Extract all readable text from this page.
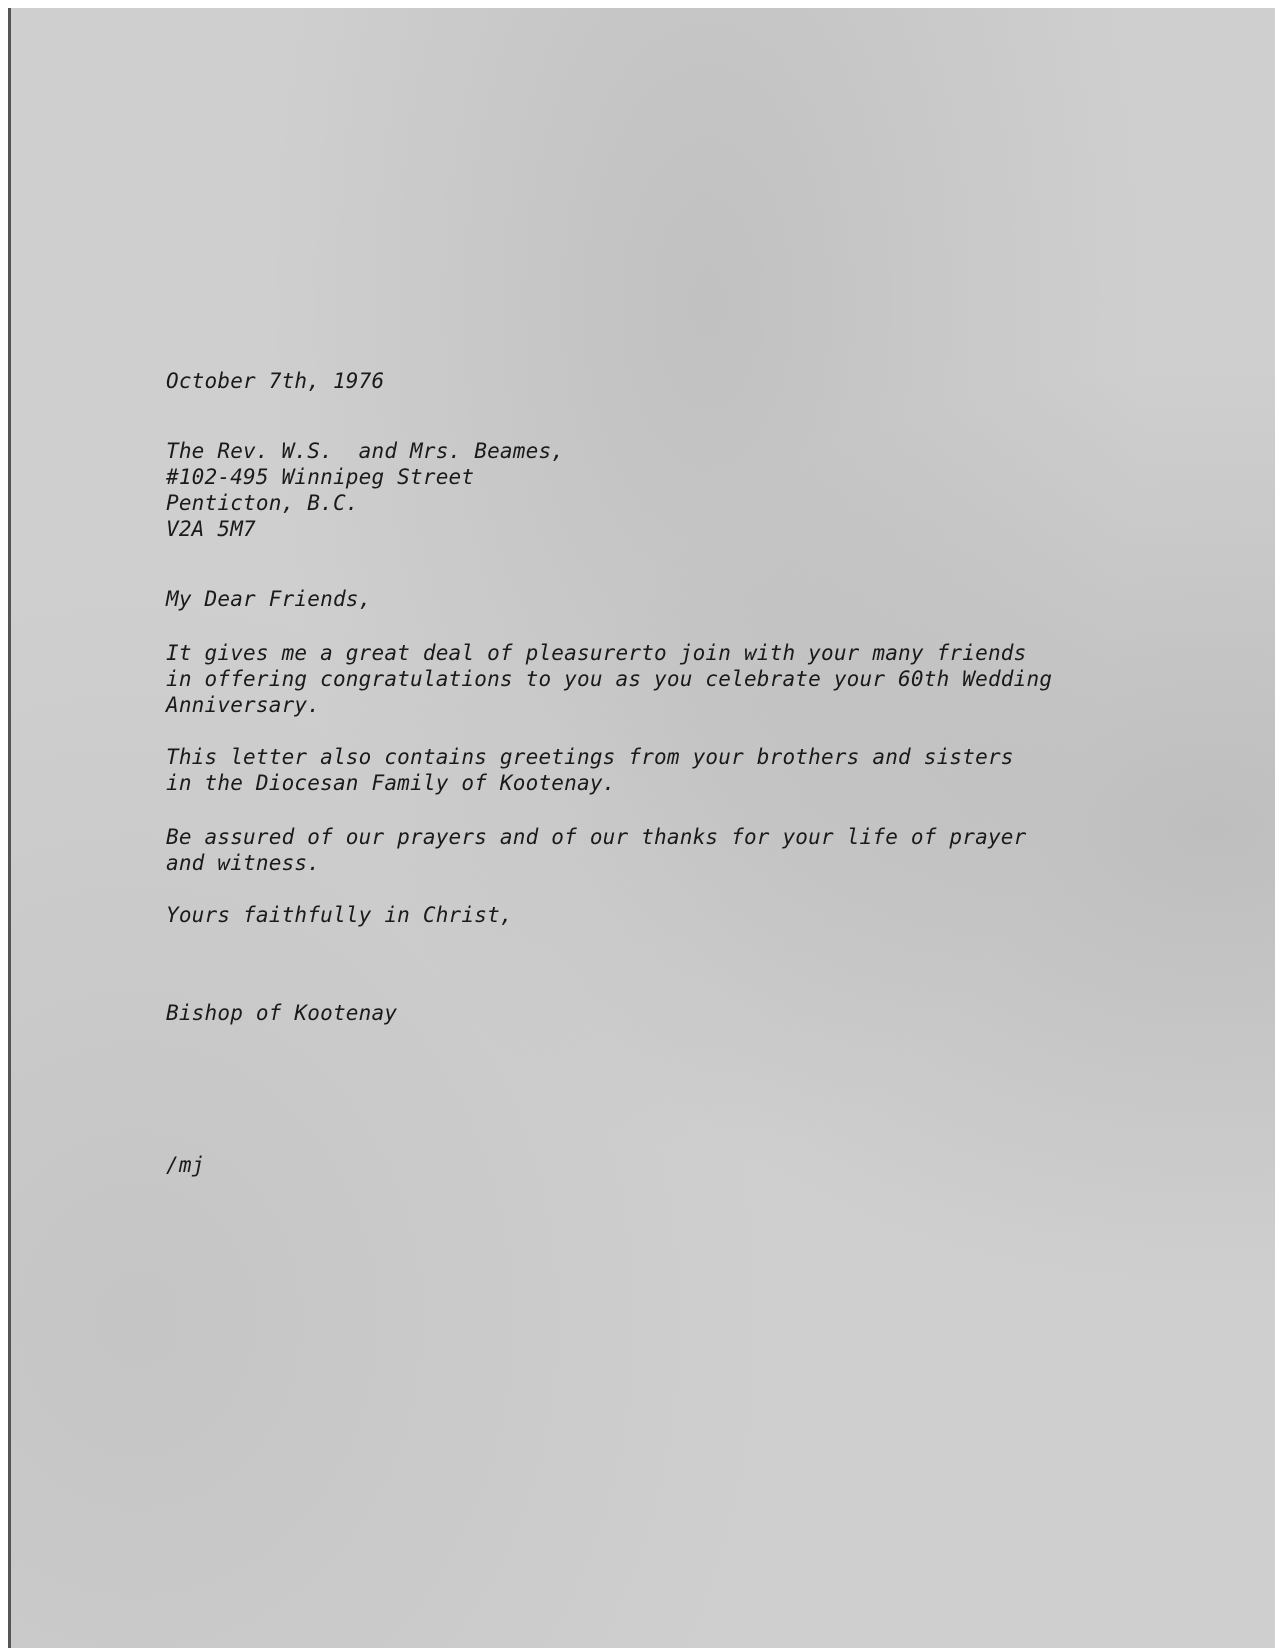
October 7th, 1976
The Rev. W.S.  and Mrs. Beames,
#102-495 Winnipeg Street
Penticton, B.C.
V2A 5M7
My Dear Friends,
It gives me a great deal of pleasurerto join with your many friends
in offering congratulations to you as you celebrate your 60th Wedding
Anniversary.
This letter also contains greetings from your brothers and sisters
in the Diocesan Family of Kootenay.
Be assured of our prayers and of our thanks for your life of prayer
and witness.
Yours faithfully in Christ,
Bishop of Kootenay
/mj
